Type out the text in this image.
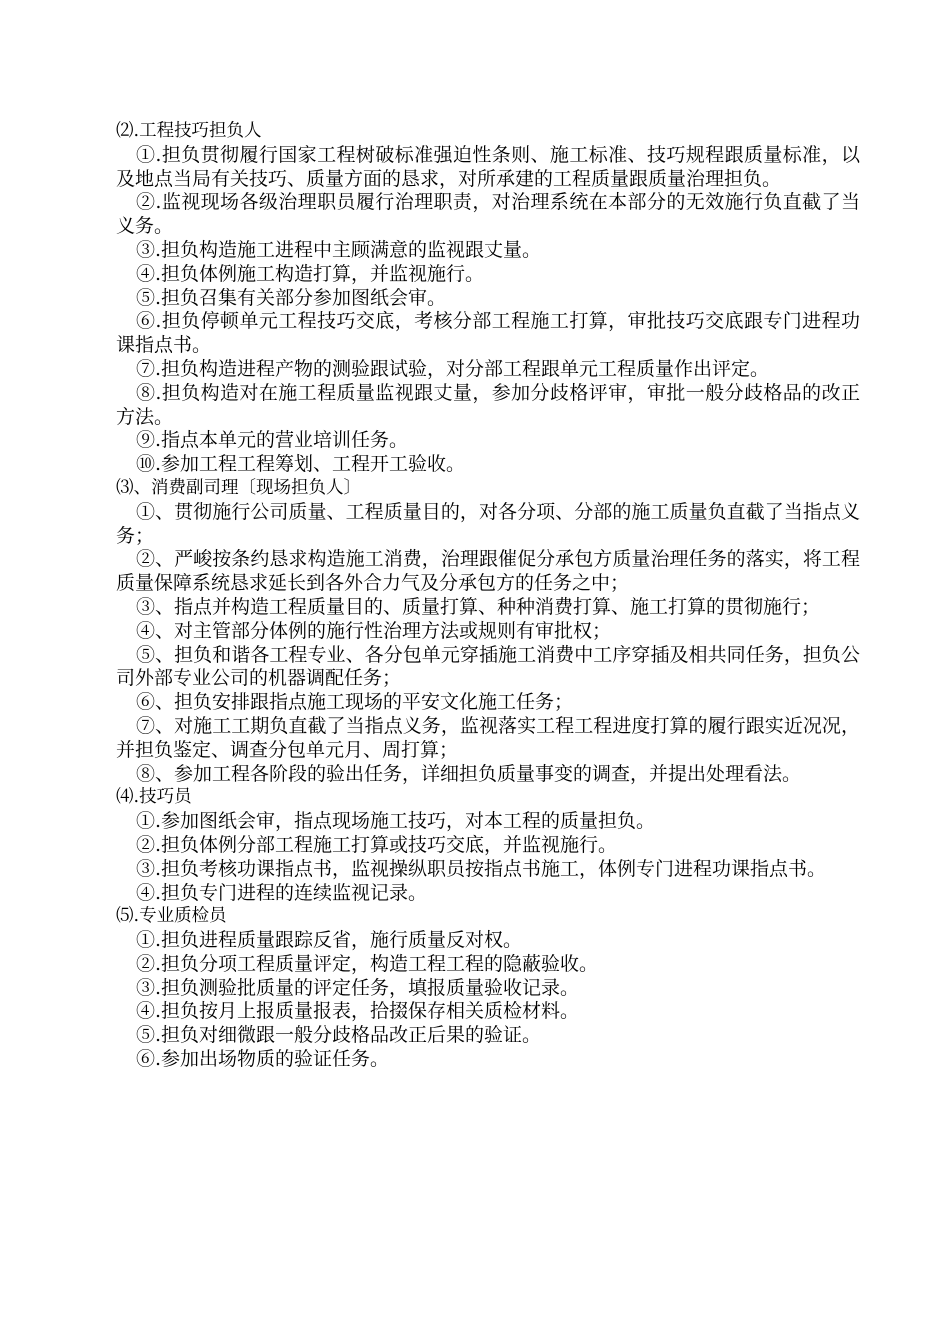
⑵.工程技巧担负人

①.担负贯彻履行国家工程树破标准强迫性条则、施工标准、技巧规程跟质量标准，以及地点当局有关技巧、质量方面的恳求，对所承建的工程质量跟质量治理担负。

②.监视现场各级治理职员履行治理职责，对治理系统在本部分的无效施行负直截了当义务。

③.担负构造施工进程中主顾满意的监视跟丈量。

④.担负体例施工构造打算，并监视施行。

⑤.担负召集有关部分参加图纸会审。

⑥.担负停顿单元工程技巧交底，考核分部工程施工打算，审批技巧交底跟专门进程功课指点书。

⑦.担负构造进程产物的测验跟试验，对分部工程跟单元工程质量作出评定。

⑧.担负构造对在施工程质量监视跟丈量，参加分歧格评审，审批一般分歧格品的改正方法。

⑨.指点本单元的营业培训任务。

⑩.参加工程工程筹划、工程开工验收。

⑶、消费副司理〔现场担负人〕

①、贯彻施行公司质量、工程质量目的，对各分项、分部的施工质量负直截了当指点义务；

②、严峻按条约恳求构造施工消费，治理跟催促分承包方质量治理任务的落实，将工程质量保障系统恳求延长到各外合力气及分承包方的任务之中；

③、指点并构造工程质量目的、质量打算、种种消费打算、施工打算的贯彻施行；

④、对主管部分体例的施行性治理方法或规则有审批权；

⑤、担负和谐各工程专业、各分包单元穿插施工消费中工序穿插及相共同任务，担负公司外部专业公司的机器调配任务；

⑥、担负安排跟指点施工现场的平安文化施工任务；

⑦、对施工工期负直截了当指点义务，监视落实工程工程进度打算的履行跟实近况况，并担负鉴定、调查分包单元月、周打算；

⑧、参加工程各阶段的验出任务，详细担负质量事变的调查，并提出处理看法。

⑷.技巧员

①.参加图纸会审，指点现场施工技巧，对本工程的质量担负。

②.担负体例分部工程施工打算或技巧交底，并监视施行。

③.担负考核功课指点书，监视操纵职员按指点书施工，体例专门进程功课指点书。

④.担负专门进程的连续监视记录。

⑸.专业质检员

①.担负进程质量跟踪反省，施行质量反对权。

②.担负分项工程质量评定，构造工程工程的隐蔽验收。

③.担负测验批质量的评定任务，填报质量验收记录。

④.担负按月上报质量报表，拾掇保存相关质检材料。

⑤.担负对细微跟一般分歧格品改正后果的验证。

⑥.参加出场物质的验证任务。
